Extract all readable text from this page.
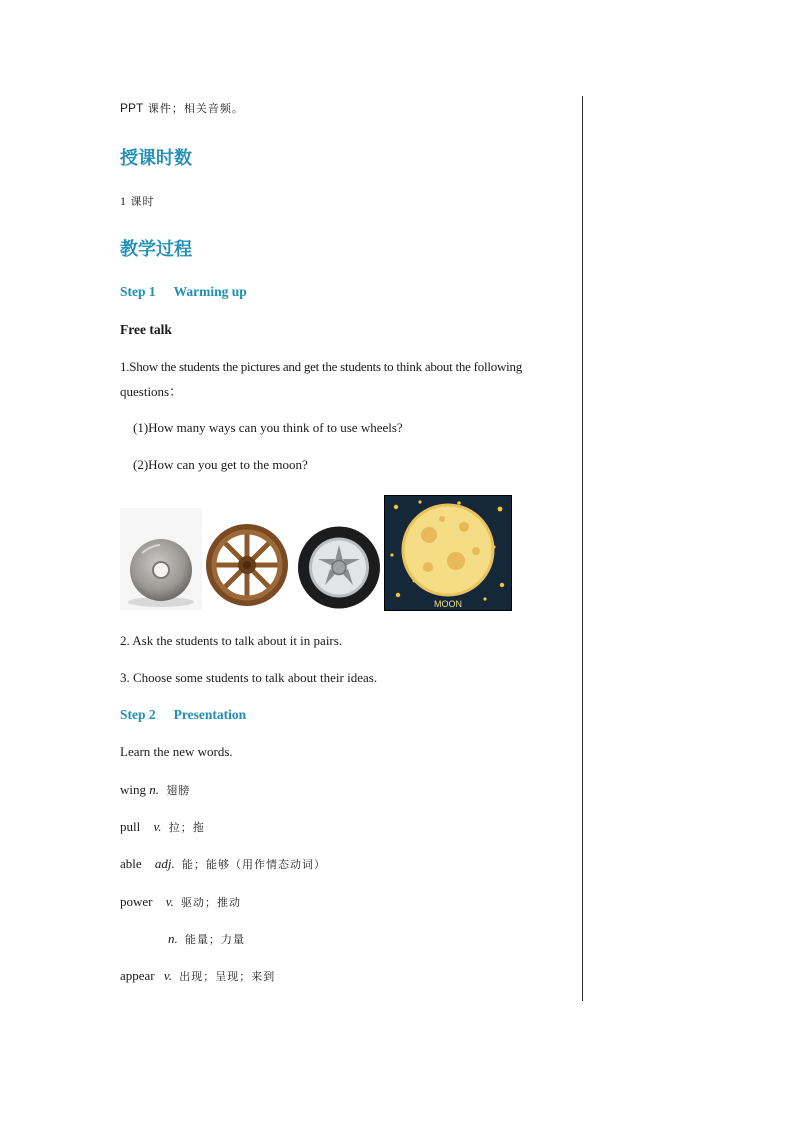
PPT 课件；相关音频。
授课时数
1 课时
教学过程
Step 1 Warming up
Free talk
1.Show the students the pictures and get the students to think about the following
questions：
(1)How many ways can you think of to use wheels?
(2)How can you get to the moon?
MOON
2. Ask the students to talk about it in pairs.
3. Choose some students to talk about their ideas.
Step 2 Presentation
Learn the new words.
wing n. 翅膀
pull v. 拉；拖
able adj. 能；能够（用作情态动词）
power v. 驱动；推动
n. 能量；力量
appear v. 出现；呈现；来到
